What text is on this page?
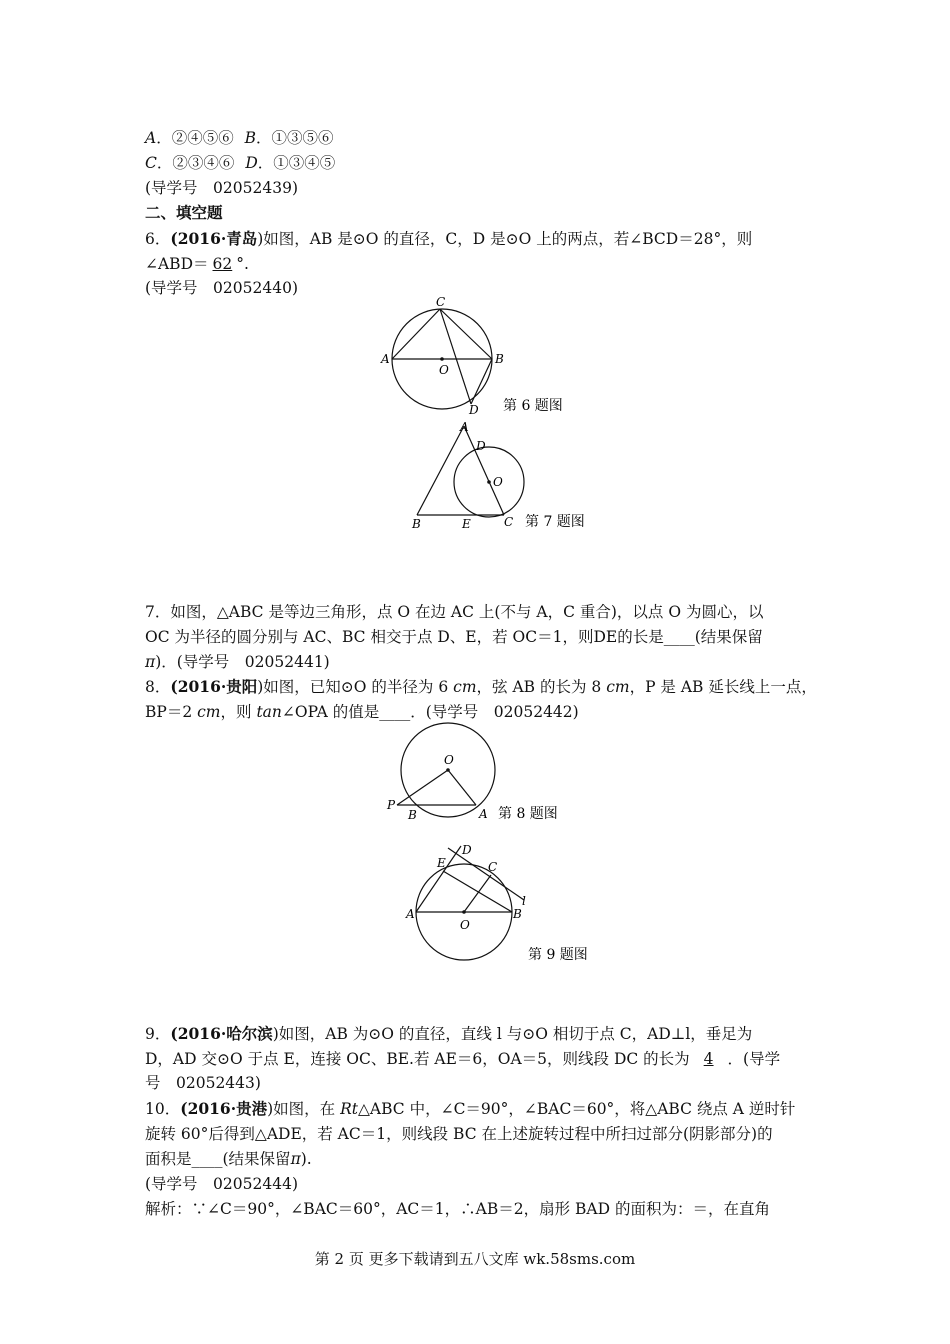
A．②④⑤⑥ B．①③⑤⑥
C．②③④⑥ D．①③④⑤
(导学号　02052439)
二、填空题
6．(2016·青岛)如图，AB 是⊙O 的直径，C，D 是⊙O 上的两点，若∠BCD＝28°，则
∠ABD＝ 62 °.
(导学号　02052440)
C
A
O
B
D 第 6 题图
A
D
O
B	E	C 第 7 题图
7．如图，△ABC 是等边三角形，点 O 在边 AC 上(不与 A，C 重合)，以点 O 为圆心，以
OC 为半径的圆分别与 AC、BC 相交于点 D、E，若 OC＝1，则DE的长是____(结果保留
π)．(导学号　02052441)
8．(2016·贵阳)如图，已知⊙O 的半径为 6 cm，弦 AB 的长为 8 cm，P 是 AB 延长线上一点，
BP＝2 cm，则 tan∠OPA 的值是____．(导学号　02052442)
O
P
B	A 第 8 题图
D
E	C
A
O
B
l
第 9 题图
9．(2016·哈尔滨)如图，AB 为⊙O 的直径，直线 l 与⊙O 相切于点 C，AD⊥l，垂足为
D，AD 交⊙O 于点 E，连接 OC、BE.若 AE＝6，OA＝5，则线段 DC 的长为 4 ．(导学
号　02052443)
10．(2016·贵港)如图，在 Rt△ABC 中，∠C＝90°，∠BAC＝60°，将△ABC 绕点 A 逆时针
旋转 60°后得到△ADE，若 AC＝1，则线段 BC 在上述旋转过程中所扫过部分(阴影部分)的
面积是____(结果保留π).
(导学号　02052444)
解析：∵∠C＝90°，∠BAC＝60°，AC＝1，∴AB＝2，扇形 BAD 的面积为：＝，在直角
第 2 页 更多下载请到五八文库 wk.58sms.com
